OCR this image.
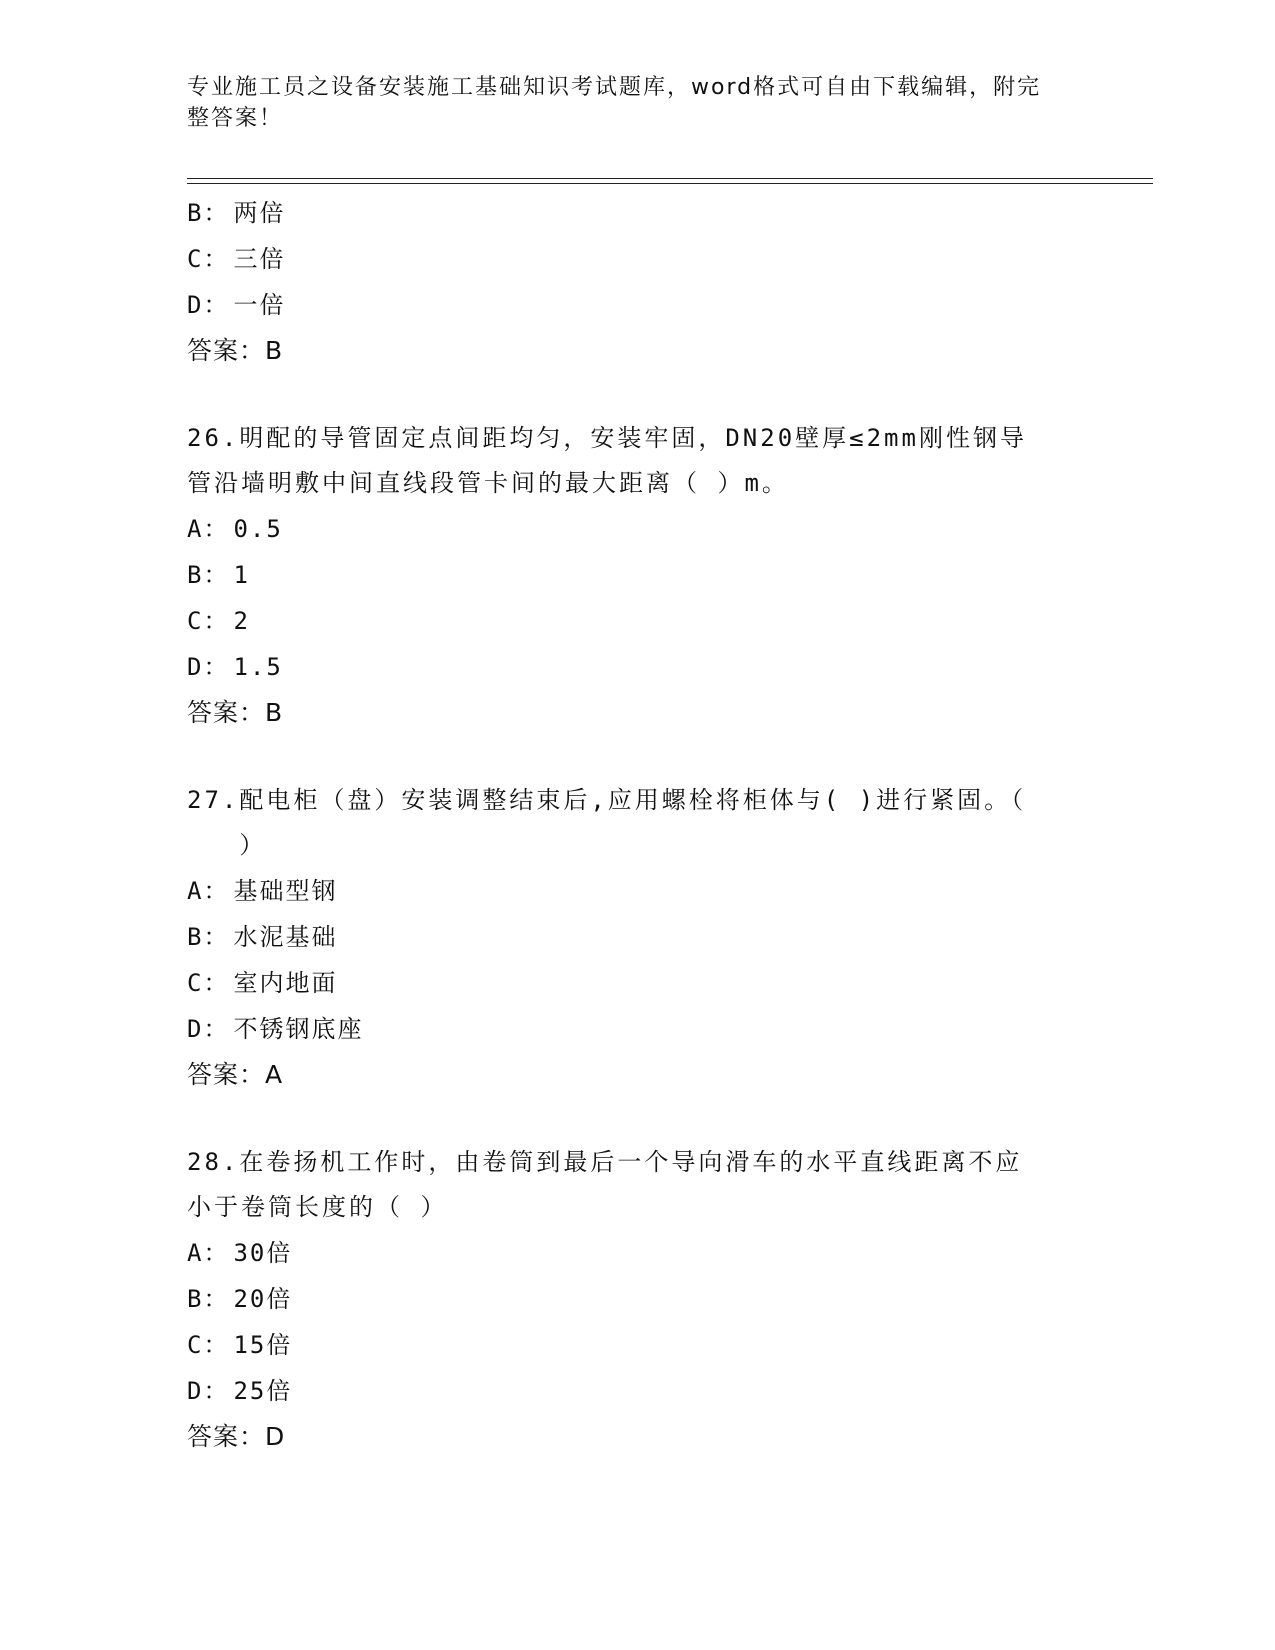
专业施工员之设备安装施工基础知识考试题库，word格式可自由下载编辑，附完
整答案！
B： 两倍
C： 三倍
D： 一倍
答案：B
26.明配的导管固定点间距均匀，安装牢固，DN20壁厚≤2mm刚性钢导
管沿墙明敷中间直线段管卡间的最大距离（ ）m。
A： 0.5
B： 1
C： 2
D： 1.5
答案：B
27.配电柜（盘）安装调整结束后,应用螺栓将柜体与( )进行紧固。（
）
A： 基础型钢
B： 水泥基础
C： 室内地面
D： 不锈钢底座
答案：A
28.在卷扬机工作时，由卷筒到最后一个导向滑车的水平直线距离不应
小于卷筒长度的（ ）
A： 30倍
B： 20倍
C： 15倍
D： 25倍
答案：D
